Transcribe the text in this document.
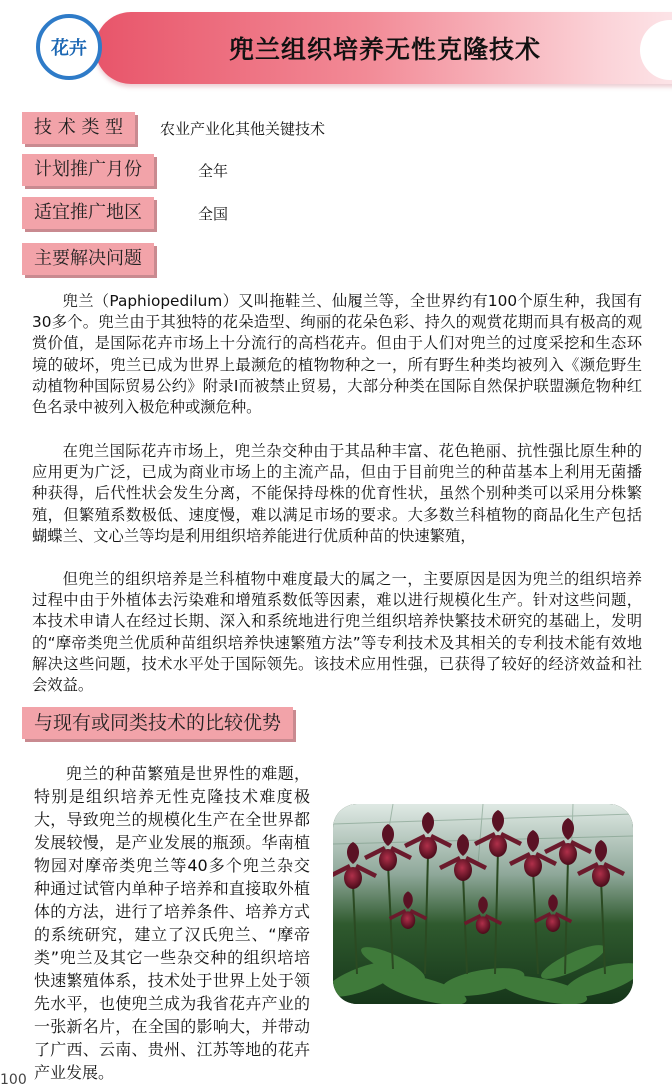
花卉	兜兰组织培养无性克隆技术
技 术 类 型	农业产业化其他关键技术
计划推广月份	全年
适宜推广地区	全国
主要解决问题

兜兰（Paphiopedilum）又叫拖鞋兰、仙履兰等，全世界约有100个原生种，我国有30多个。兜兰由于其独特的花朵造型、绚丽的花朵色彩、持久的观赏花期而具有极高的观赏价值，是国际花卉市场上十分流行的高档花卉。但由于人们对兜兰的过度采挖和生态环境的破坏，兜兰已成为世界上最濒危的植物物种之一，所有野生种类均被列入《濒危野生动植物种国际贸易公约》附录I而被禁止贸易，大部分种类在国际自然保护联盟濒危物种红色名录中被列入极危种或濒危种。

在兜兰国际花卉市场上，兜兰杂交种由于其品种丰富、花色艳丽、抗性强比原生种的应用更为广泛，已成为商业市场上的主流产品，但由于目前兜兰的种苗基本上利用无菌播种获得，后代性状会发生分离，不能保持母株的优育性状，虽然个别种类可以采用分株繁殖，但繁殖系数极低、速度慢，难以满足市场的要求。大多数兰科植物的商品化生产包括蝴蝶兰、文心兰等均是利用组织培养能进行优质种苗的快速繁殖，

但兜兰的组织培养是兰科植物中难度最大的属之一，主要原因是因为兜兰的组织培养过程中由于外植体去污染难和增殖系数低等因素，难以进行规模化生产。针对这些问题，本技术申请人在经过长期、深入和系统地进行兜兰组织培养快繁技术研究的基础上，发明的“摩帝类兜兰优质种苗组织培养快速繁殖方法”等专利技术及其相关的专利技术能有效地解决这些问题，技术水平处于国际领先。该技术应用性强，已获得了较好的经济效益和社会效益。

与现有或同类技术的比较优势

兜兰的种苗繁殖是世界性的难题，特别是组织培养无性克隆技术难度极大，导致兜兰的规模化生产在全世界都发展较慢，是产业发展的瓶颈。华南植物园对摩帝类兜兰等40多个兜兰杂交种通过试管内单种子培养和直接取外植体的方法，进行了培养条件、培养方式的系统研究，建立了汉氏兜兰、“摩帝类”兜兰及其它一些杂交种的组织培培快速繁殖体系，技术处于世界上处于领先水平，也使兜兰成为我省花卉产业的一张新名片，在全国的影响大，并带动了广西、云南、贵州、江苏等地的花卉产业发展。

100
